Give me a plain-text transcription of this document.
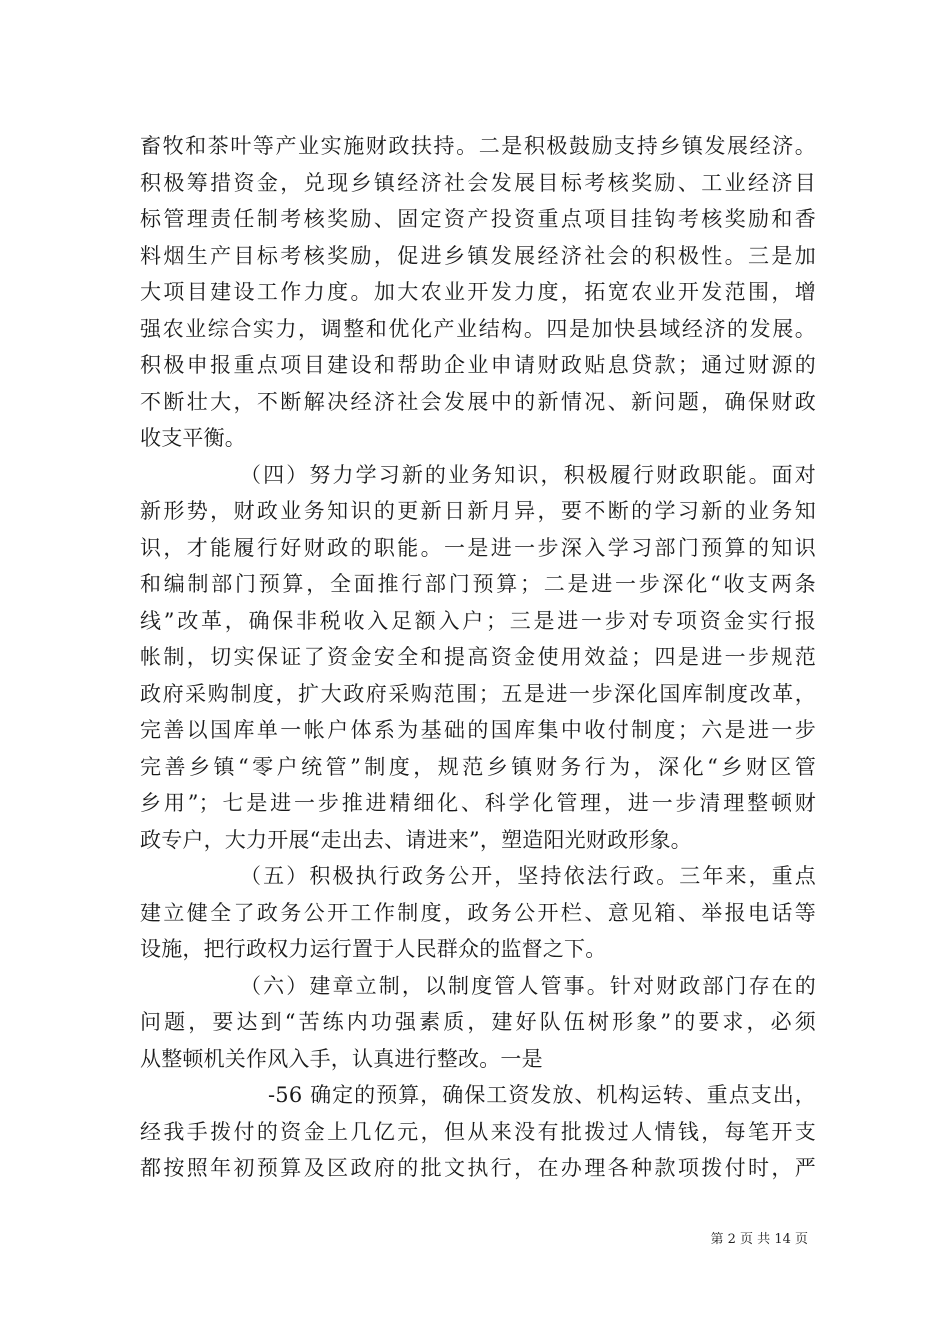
畜牧和茶叶等产业实施财政扶持。二是积极鼓励支持乡镇发展经济。
积极筹措资金，兑现乡镇经济社会发展目标考核奖励、工业经济目
标管理责任制考核奖励、固定资产投资重点项目挂钩考核奖励和香
料烟生产目标考核奖励，促进乡镇发展经济社会的积极性。三是加
大项目建设工作力度。加大农业开发力度，拓宽农业开发范围，增
强农业综合实力，调整和优化产业结构。四是加快县域经济的发展。
积极申报重点项目建设和帮助企业申请财政贴息贷款；通过财源的
不断壮大，不断解决经济社会发展中的新情况、新问题，确保财政
收支平衡。
（四）努力学习新的业务知识，积极履行财政职能。面对
新形势，财政业务知识的更新日新月异，要不断的学习新的业务知
识，才能履行好财政的职能。一是进一步深入学习部门预算的知识
和编制部门预算，全面推行部门预算；二是进一步深化“收支两条
线”改革，确保非税收入足额入户；三是进一步对专项资金实行报
帐制，切实保证了资金安全和提高资金使用效益；四是进一步规范
政府采购制度，扩大政府采购范围；五是进一步深化国库制度改革，
完善以国库单一帐户体系为基础的国库集中收付制度；六是进一步
完善乡镇“零户统管”制度，规范乡镇财务行为，深化“乡财区管
乡用”；七是进一步推进精细化、科学化管理，进一步清理整顿财
政专户，大力开展“走出去、请进来”，塑造阳光财政形象。
（五）积极执行政务公开，坚持依法行政。三年来，重点
建立健全了政务公开工作制度，政务公开栏、意见箱、举报电话等
设施，把行政权力运行置于人民群众的监督之下。
（六）建章立制，以制度管人管事。针对财政部门存在的
问题，要达到“苦练内功强素质，建好队伍树形象”的要求，必须
从整顿机关作风入手，认真进行整改。一是
-56 确定的预算，确保工资发放、机构运转、重点支出，
经我手拨付的资金上几亿元，但从来没有批拨过人情钱，每笔开支
都按照年初预算及区政府的批文执行，在办理各种款项拨付时，严
第 2 页 共 14 页
